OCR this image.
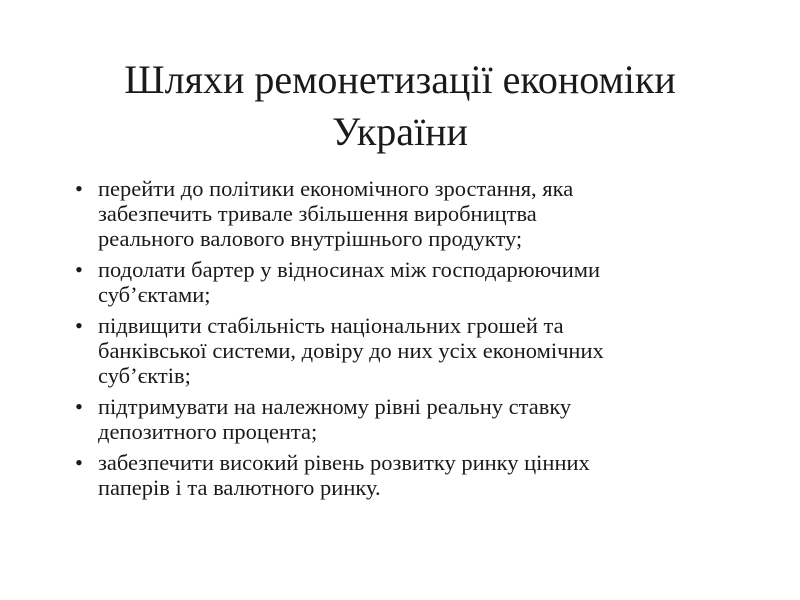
Шляхи ремонетизації економіки
України
• перейти до політики економічного зростання, яка
забезпечить тривале збільшення виробництва
реального валового внутрішнього продукту;
• подолати бартер у відносинах між господарюючими
суб’єктами;
• підвищити стабільність національних грошей та
банківської системи, довіру до них усіх економічних
суб’єктів;
• підтримувати на належному рівні реальну ставку
депозитного процента;
• забезпечити високий рівень розвитку ринку цінних
паперів і та валютного ринку.
